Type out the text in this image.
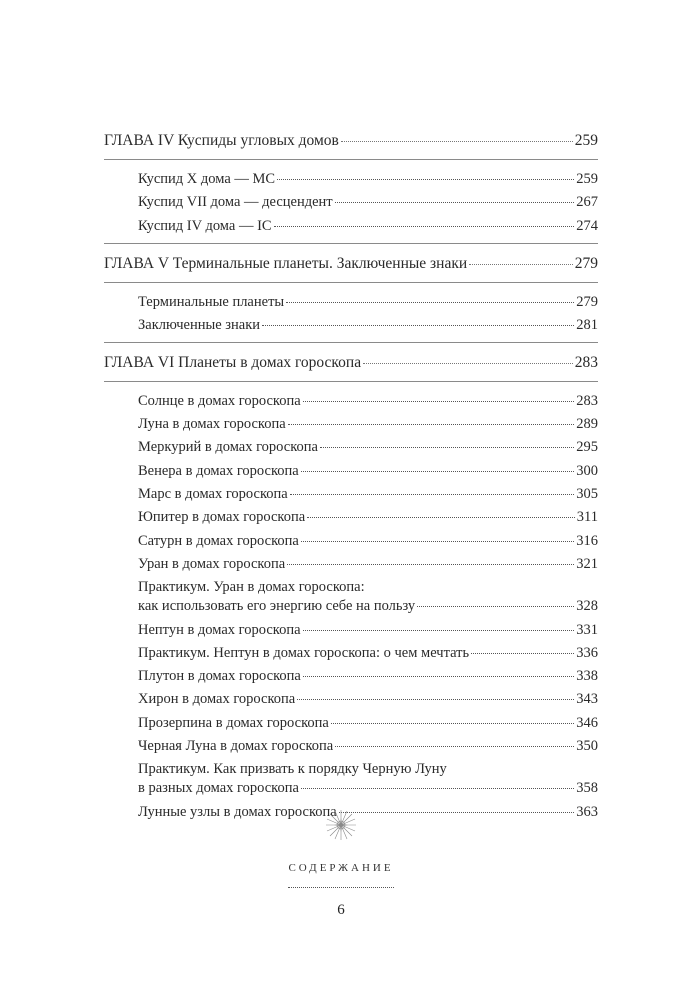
ГЛАВА IV Куспиды угловых домов	259
Куспид X дома — MC	259
Куспид VII дома — десцендент	267
Куспид IV дома — IC	274
ГЛАВА V Терминальные планеты. Заключенные знаки	279
Терминальные планеты	279
Заключенные знаки	281
ГЛАВА VI Планеты в домах гороскопа	283
Солнце в домах гороскопа	283
Луна в домах гороскопа	289
Меркурий в домах гороскопа	295
Венера в домах гороскопа	300
Марс в домах гороскопа	305
Юпитер в домах гороскопа	311
Сатурн в домах гороскопа	316
Уран в домах гороскопа	321
Практикум. Уран в домах гороскопа:
как использовать его энергию себе на пользу	328
Нептун в домах гороскопа	331
Практикум. Нептун в домах гороскопа: о чем мечтать	336
Плутон в домах гороскопа	338
Хирон в домах гороскопа	343
Прозерпина в домах гороскопа	346
Черная Луна в домах гороскопа	350
Практикум. Как призвать к порядку Черную Луну
в разных домах гороскопа	358
Лунные узлы в домах гороскопа	363
СОДЕРЖАНИЕ
6
